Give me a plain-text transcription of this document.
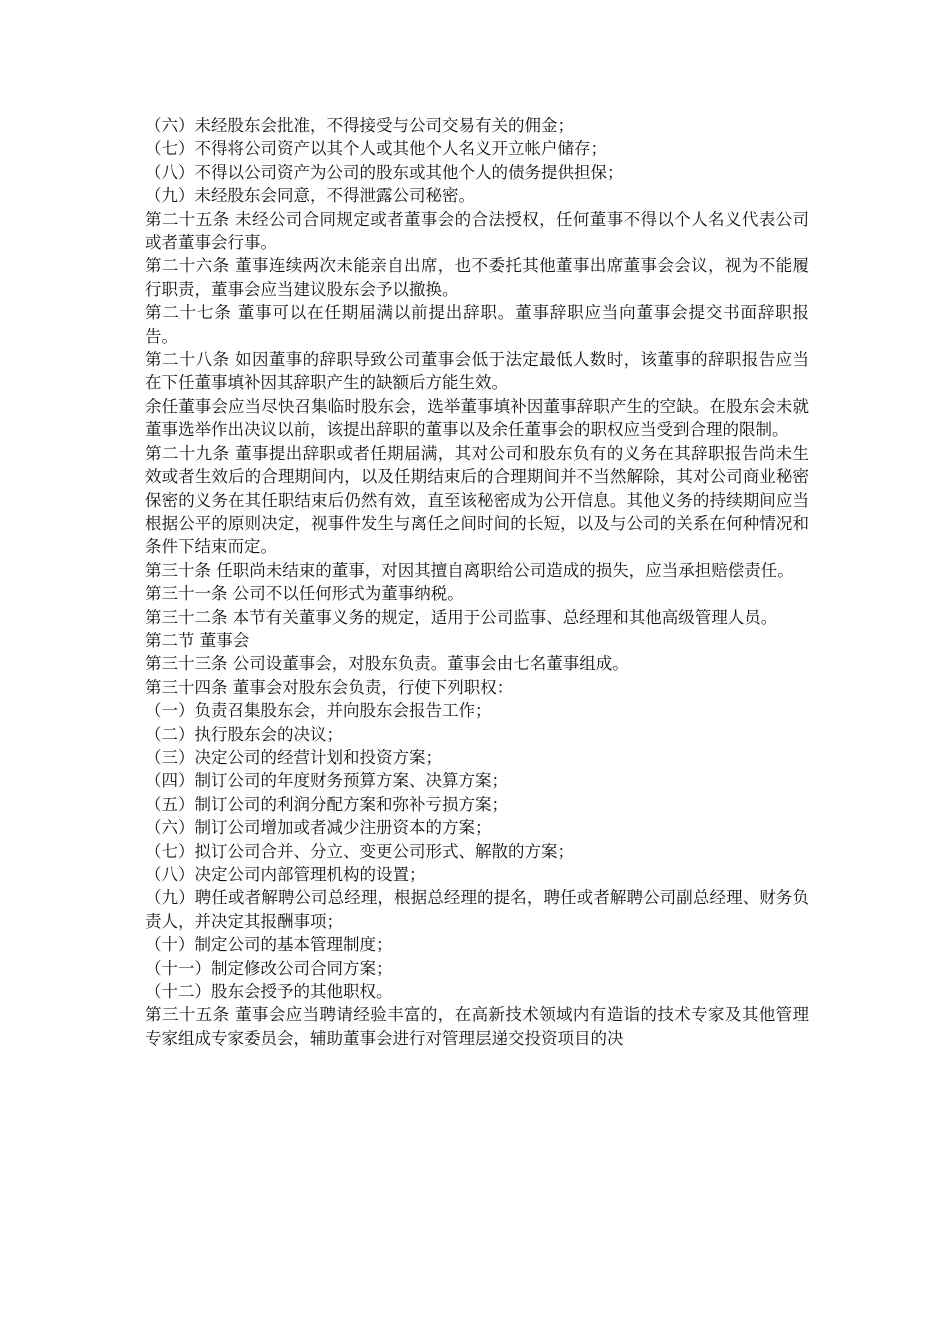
（六）未经股东会批准，不得接受与公司交易有关的佣金；

（七）不得将公司资产以其个人或其他个人名义开立帐户储存；

（八）不得以公司资产为公司的股东或其他个人的债务提供担保；

（九）未经股东会同意，不得泄露公司秘密。

第二十五条 未经公司合同规定或者董事会的合法授权，任何董事不得以个人名义代表公司或者董事会行事。

第二十六条 董事连续两次未能亲自出席，也不委托其他董事出席董事会会议，视为不能履行职责，董事会应当建议股东会予以撤换。

第二十七条 董事可以在任期届满以前提出辞职。董事辞职应当向董事会提交书面辞职报告。

第二十八条 如因董事的辞职导致公司董事会低于法定最低人数时，该董事的辞职报告应当在下任董事填补因其辞职产生的缺额后方能生效。

余任董事会应当尽快召集临时股东会，选举董事填补因董事辞职产生的空缺。在股东会未就董事选举作出决议以前，该提出辞职的董事以及余任董事会的职权应当受到合理的限制。

第二十九条 董事提出辞职或者任期届满，其对公司和股东负有的义务在其辞职报告尚未生效或者生效后的合理期间内，以及任期结束后的合理期间并不当然解除，其对公司商业秘密保密的义务在其任职结束后仍然有效，直至该秘密成为公开信息。其他义务的持续期间应当根据公平的原则决定，视事件发生与离任之间时间的长短，以及与公司的关系在何种情况和条件下结束而定。

第三十条 任职尚未结束的董事，对因其擅自离职给公司造成的损失，应当承担赔偿责任。

第三十一条 公司不以任何形式为董事纳税。

第三十二条 本节有关董事义务的规定，适用于公司监事、总经理和其他高级管理人员。

第二节 董事会

第三十三条 公司设董事会，对股东负责。董事会由七名董事组成。

第三十四条 董事会对股东会负责，行使下列职权：

（一）负责召集股东会，并向股东会报告工作；

（二）执行股东会的决议；

（三）决定公司的经营计划和投资方案；

（四）制订公司的年度财务预算方案、决算方案；

（五）制订公司的利润分配方案和弥补亏损方案；

（六）制订公司增加或者减少注册资本的方案；

（七）拟订公司合并、分立、变更公司形式、解散的方案；

（八）决定公司内部管理机构的设置；

（九）聘任或者解聘公司总经理，根据总经理的提名，聘任或者解聘公司副总经理、财务负责人，并决定其报酬事项；

（十）制定公司的基本管理制度；

（十一）制定修改公司合同方案；

（十二）股东会授予的其他职权。

第三十五条 董事会应当聘请经验丰富的，在高新技术领域内有造诣的技术专家及其他管理专家组成专家委员会，辅助董事会进行对管理层递交投资项目的决
